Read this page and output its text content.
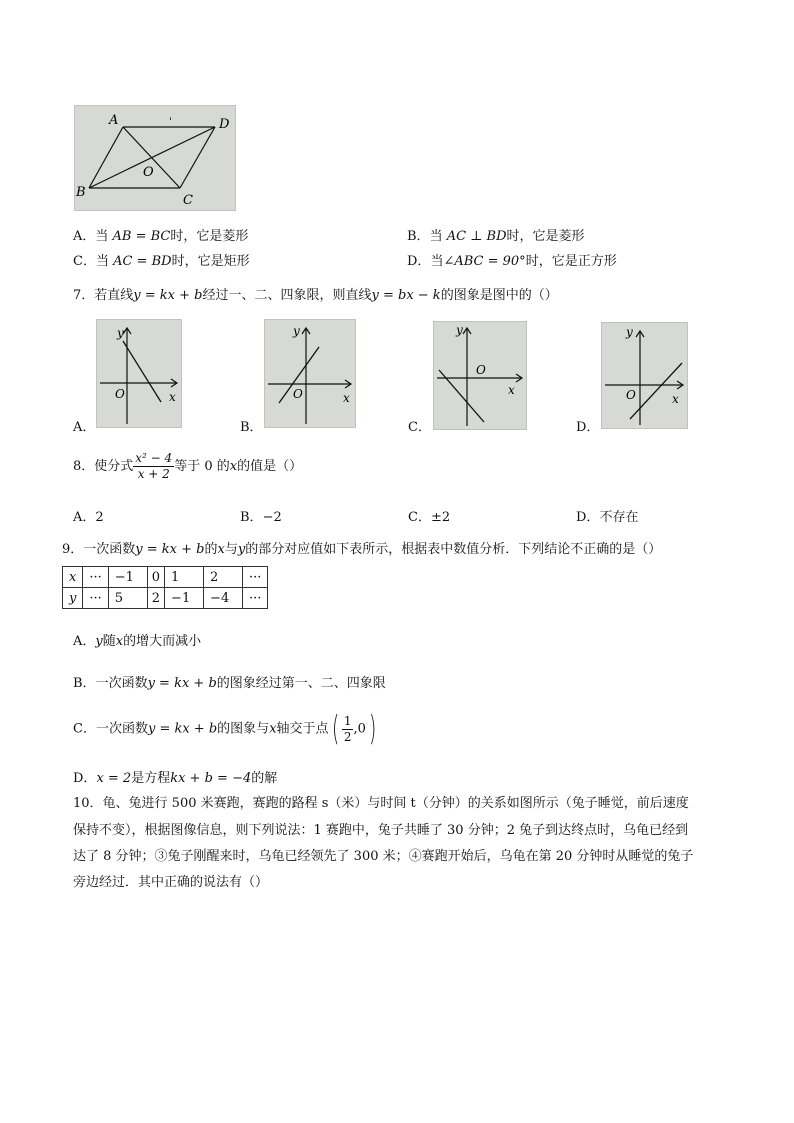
A	D
O
B
C
ˈ
A．当 AB = BC时，它是菱形	B．当 AC ⊥ BD时，它是菱形
C．当 AC = BD时，它是矩形	D．当∠ABC = 90°时，它是正方形
7．若直线y = kx + b经过一、二、四象限，则直线y = bx − k的图象是图中的（）
A．
y
x
O
B．
y
x
O
C．
y
x
O
D．
y
x
O
8．使分式 $\frac{\text{x² − 4}}{x + 2}$ 等于 0 的x的值是（）
A．2	B．−2	C．±2	D．不存在
9．一次函数y = kx + b的x与y的部分对应值如下表所示，根据表中数值分析．下列结论不正确的是（）
x	···	−1	0	1	2	···
y	···	5	2	−1	−4	···
A．y随x的增大而减小
B．一次函数y = kx + b的图象经过第一、二、四象限
C．一次函数y = kx + b的图象与x轴交于点( $\frac{1}{2} ,0$)
D．x = 2是方程kx + b = −4的解
10．龟、兔进行 500 米赛跑，赛跑的路程 s（米）与时间 t（分钟）的关系如图所示（兔子睡觉，前后速度
保持不变），根据图像信息，则下列说法：1 赛跑中，兔子共睡了 30 分钟；2 兔子到达终点时，乌龟已经到
达了 8 分钟；③兔子刚醒来时，乌龟已经领先了 300 米；④赛跑开始后，乌龟在第 20 分钟时从睡觉的兔子
旁边经过．其中正确的说法有（）
